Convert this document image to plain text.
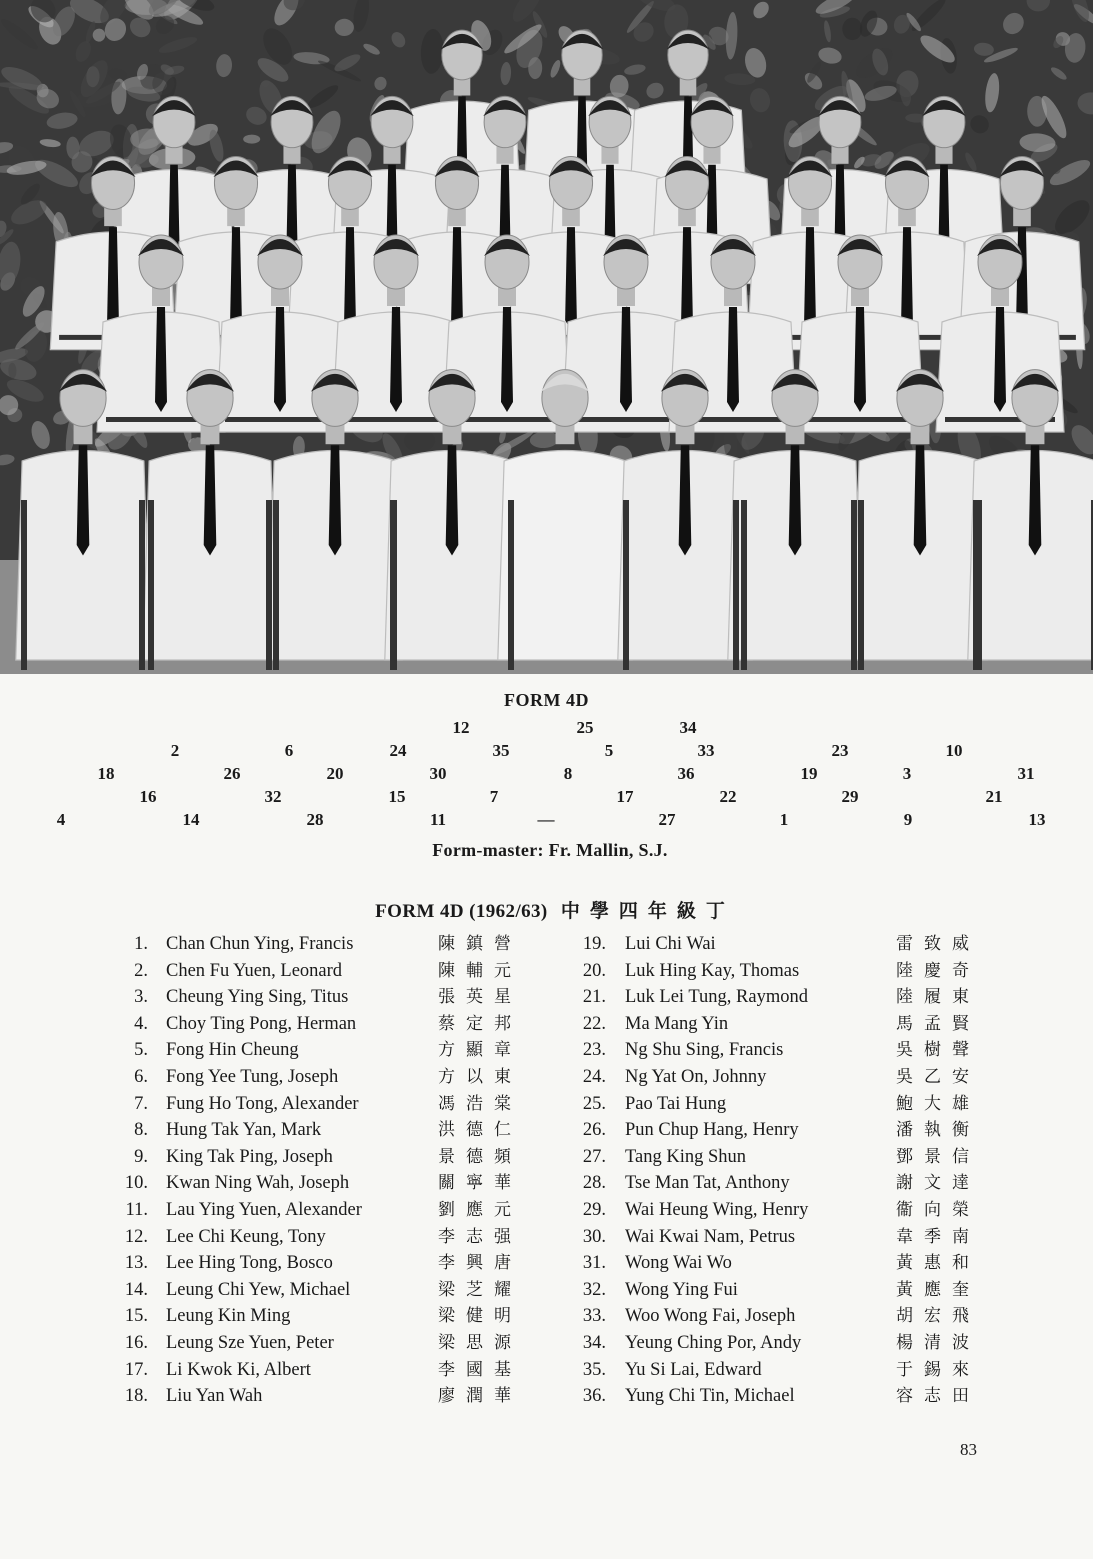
FORM 4D
12	25	34
2	6	24	35	5	33	23	10
18	26	20	30	8	36	19	3	31
16	32	15	7	17	22	29	21
4	14	28	11	—	27	1	9	13
Form-master: Fr. Mallin, S.J.
FORM 4D (1962/63) 中學四年級丁
1. Chan Chun Ying, Francis	陳鎮營
2. Chen Fu Yuen, Leonard	陳輔元
3. Cheung Ying Sing, Titus	張英星
4. Choy Ting Pong, Herman	蔡定邦
5. Fong Hin Cheung	方顯章
6. Fong Yee Tung, Joseph	方以東
7. Fung Ho Tong, Alexander	馮浩棠
8. Hung Tak Yan, Mark	洪德仁
9. King Tak Ping, Joseph	景德頻
10. Kwan Ning Wah, Joseph	關寧華
11. Lau Ying Yuen, Alexander	劉應元
12. Lee Chi Keung, Tony	李志强
13. Lee Hing Tong, Bosco	李興唐
14. Leung Chi Yew, Michael	梁芝耀
15. Leung Kin Ming	梁健明
16. Leung Sze Yuen, Peter	梁思源
17. Li Kwok Ki, Albert	李國基
18. Liu Yan Wah	廖潤華
19. Lui Chi Wai	雷致威
20. Luk Hing Kay, Thomas	陸慶奇
21. Luk Lei Tung, Raymond	陸履東
22. Ma Mang Yin	馬孟賢
23. Ng Shu Sing, Francis	吳樹聲
24. Ng Yat On, Johnny	吳乙安
25. Pao Tai Hung	鮑大雄
26. Pun Chup Hang, Henry	潘執衡
27. Tang King Shun	鄧景信
28. Tse Man Tat, Anthony	謝文達
29. Wai Heung Wing, Henry	衞向榮
30. Wai Kwai Nam, Petrus	韋季南
31. Wong Wai Wo	黃惠和
32. Wong Ying Fui	黃應奎
33. Woo Wong Fai, Joseph	胡宏飛
34. Yeung Ching Por, Andy	楊清波
35. Yu Si Lai, Edward	于錫來
36. Yung Chi Tin, Michael	容志田
83
